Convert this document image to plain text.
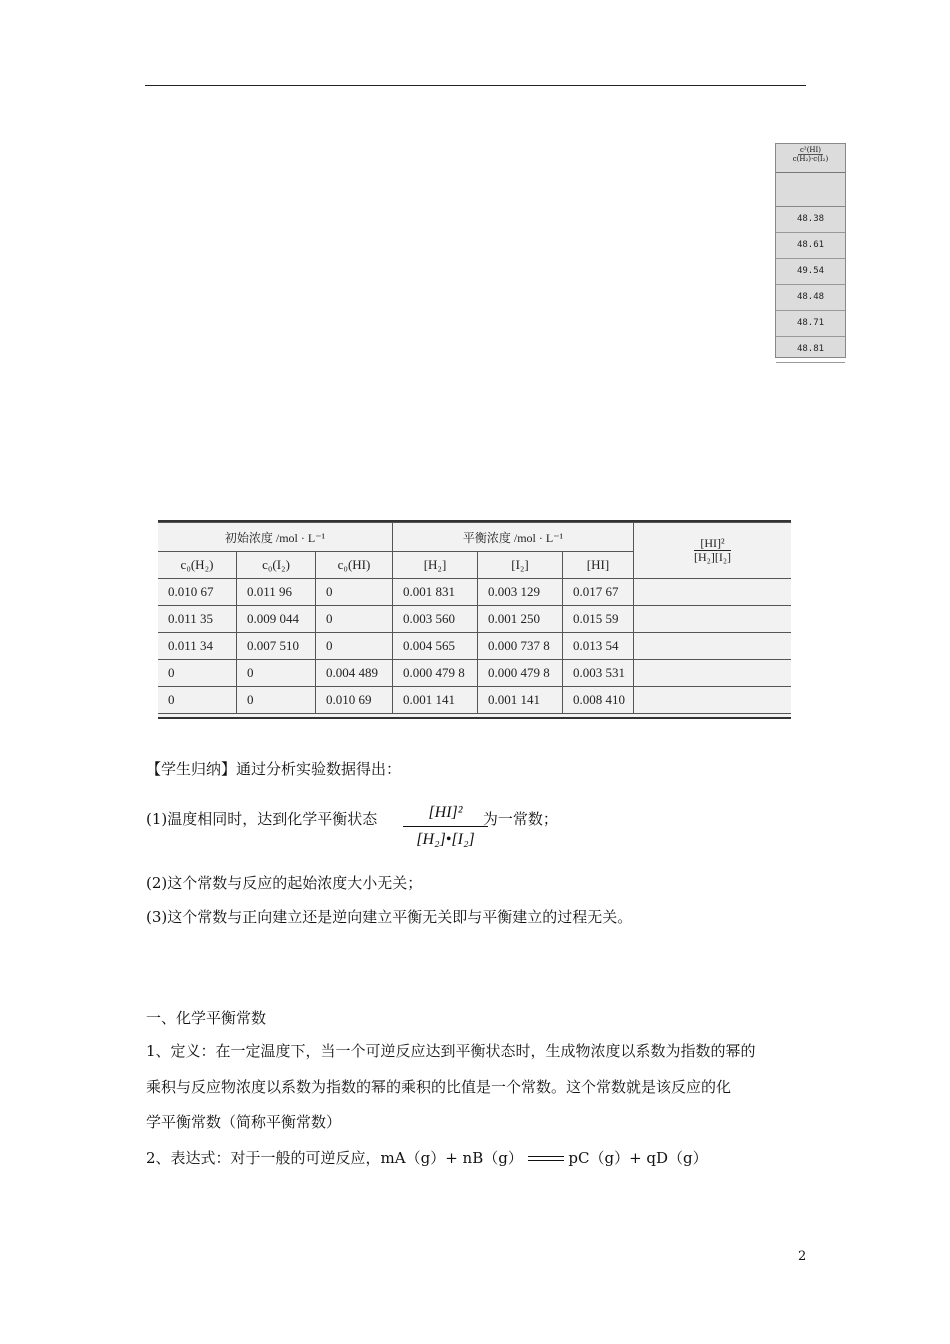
c²(HI)
c(H₂)·c(I₂)
48.38
48.61
49.54
48.48
48.71
48.81
初始浓度 /mol · L⁻¹			平衡浓度 /mol · L⁻¹			$\frac{\text{[HI]²}}{\text{[H₂][I₂]}}$
c₀(H₂)	c₀(I₂)	c₀(HI)	[H₂]	[I₂]	[HI]	
0.010 67	0.011 96	0	0.001 831	0.003 129	0.017 67	
0.011 35	0.009 044	0	0.003 560	0.001 250	0.015 59	
0.011 34	0.007 510	0	0.004 565	0.000 737 8	0.013 54	
0	0	0.004 489	0.000 479 8	0.000 479 8	0.003 531	
0	0	0.010 69	0.001 141	0.001 141	0.008 410	
【学生归纳】通过分析实验数据得出：
(1)温度相同时，达到化学平衡状态	为一常数；
$\frac{\text{[HI]²}}{\text{[H₂]•[I₂]}}$
(2)这个常数与反应的起始浓度大小无关；
(3)这个常数与正向建立还是逆向建立平衡无关即与平衡建立的过程无关。
一、化学平衡常数
1、定义：在一定温度下，当一个可逆反应达到平衡状态时，生成物浓度以系数为指数的幂的
乘积与反应物浓度以系数为指数的幂的乘积的比值是一个常数。这个常数就是该反应的化
学平衡常数（简称平衡常数）
2、表达式：对于一般的可逆反应，mA（g）+ nB（g）	pC（g）+ qD（g）
2
